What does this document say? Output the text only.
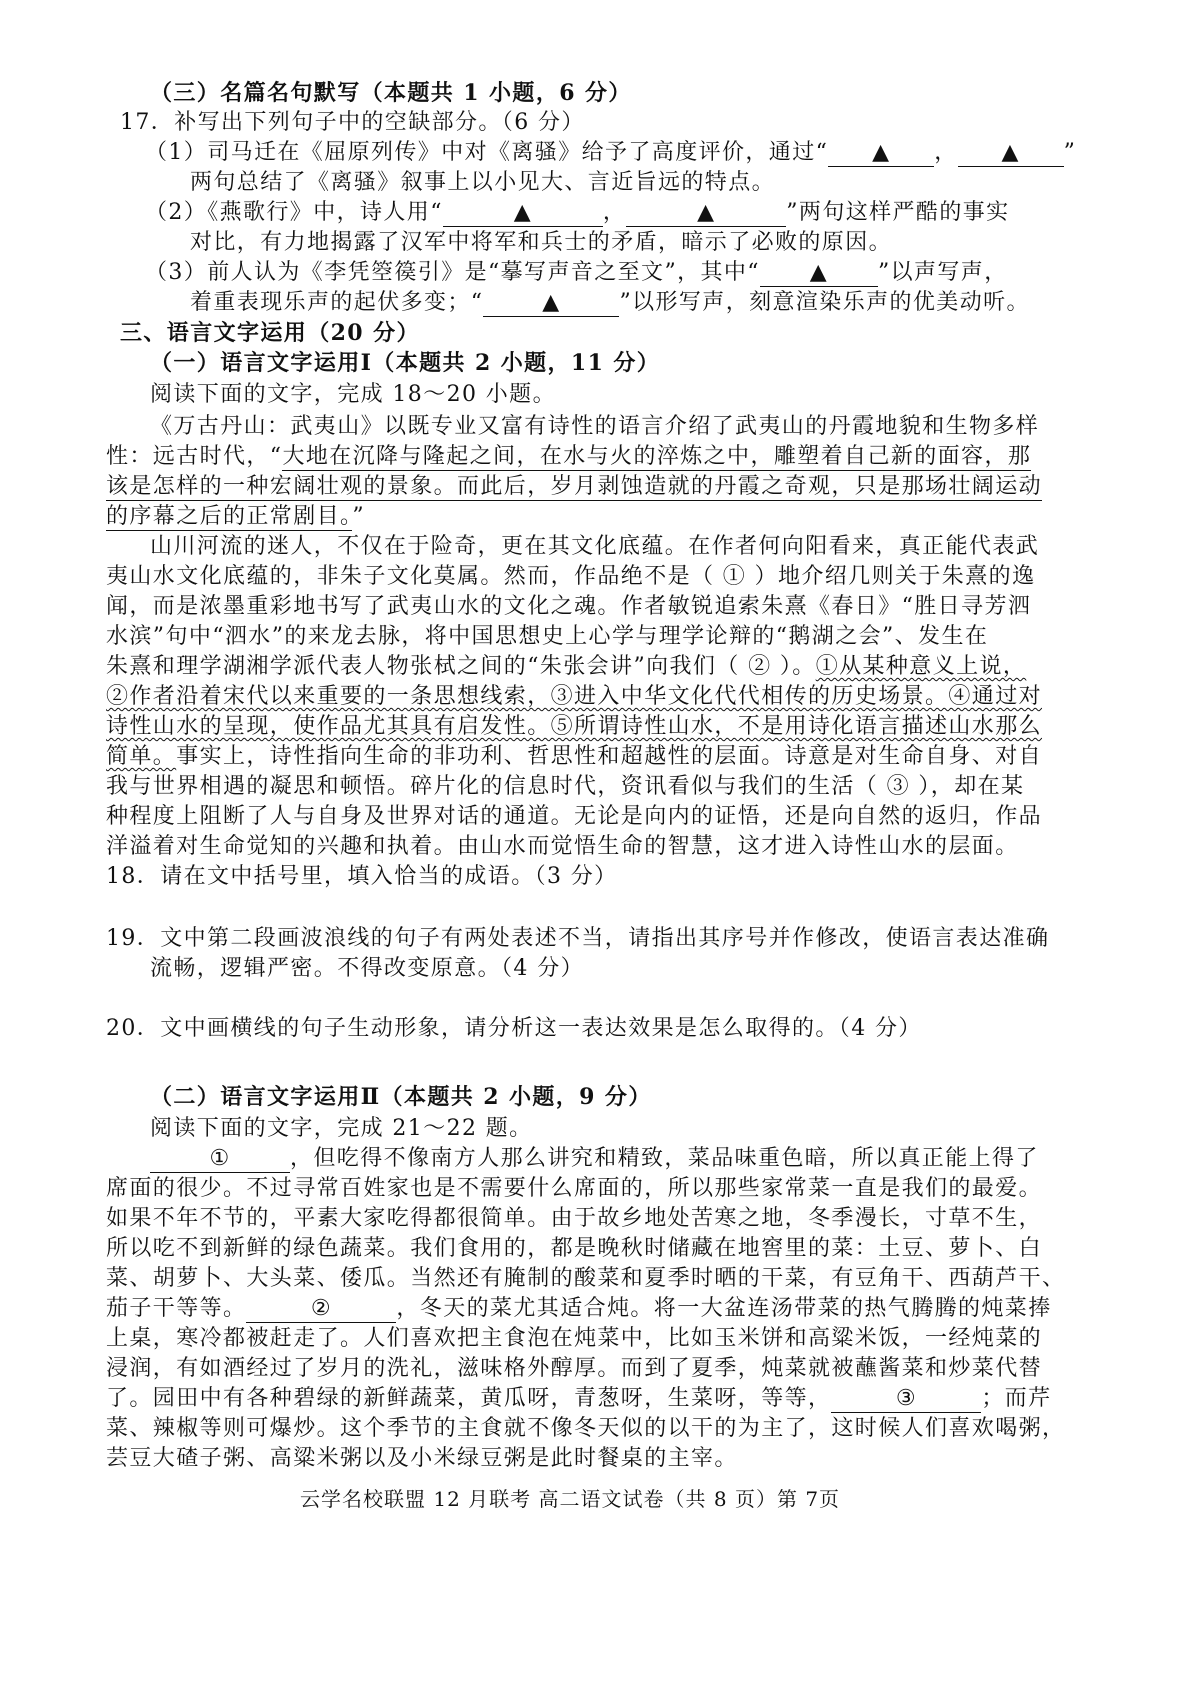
（三）名篇名句默写（本题共 1 小题，6 分）
17．补写出下列句子中的空缺部分。（6 分）
（1）司马迁在《屈原列传》中对《离骚》给予了高度评价，通过“ ▲ ， ▲ ”
两句总结了《离骚》叙事上以小见大、言近旨远的特点。
（2）《燕歌行》中，诗人用“	▲	，	▲	”两句这样严酷的事实
对比，有力地揭露了汉军中将军和兵士的矛盾，暗示了必败的原因。
（3）前人认为《李凭箜篌引》是“摹写声音之至文”，其中“ ▲ ”以声写声，
着重表现乐声的起伏多变；“	▲	”以形写声，刻意渲染乐声的优美动听。
三、语言文字运用（20 分）
（一）语言文字运用Ⅰ（本题共 2 小题，11 分）
阅读下面的文字，完成 18～20 小题。
《万古丹山：武夷山》以既专业又富有诗性的语言介绍了武夷山的丹霞地貌和生物多样
性：远古时代，“大地在沉降与隆起之间，在水与火的淬炼之中，雕塑着自己新的面容，那
该是怎样的一种宏阔壮观的景象。而此后，岁月剥蚀造就的丹霞之奇观，只是那场壮阔运动
的序幕之后的正常剧目。”
山川河流的迷人，不仅在于险奇，更在其文化底蕴。在作者何向阳看来，真正能代表武
夷山水文化底蕴的，非朱子文化莫属。然而，作品绝不是（ ① ）地介绍几则关于朱熹的逸
闻，而是浓墨重彩地书写了武夷山水的文化之魂。作者敏锐追索朱熹《春日》“胜日寻芳泗
水滨”句中“泗水”的来龙去脉，将中国思想史上心学与理学论辩的“鹅湖之会”、发生在
朱熹和理学湖湘学派代表人物张栻之间的“朱张会讲”向我们（ ② ）。①从某种意义上说，
②作者沿着宋代以来重要的一条思想线索，③进入中华文化代代相传的历史场景。④通过对
诗性山水的呈现，使作品尤其具有启发性。⑤所谓诗性山水，不是用诗化语言描述山水那么
简单。事实上，诗性指向生命的非功利、哲思性和超越性的层面。诗意是对生命自身、对自
我与世界相遇的凝思和顿悟。碎片化的信息时代，资讯看似与我们的生活（ ③ ），却在某
种程度上阻断了人与自身及世界对话的通道。无论是向内的证悟，还是向自然的返归，作品
洋溢着对生命觉知的兴趣和执着。由山水而觉悟生命的智慧，这才进入诗性山水的层面。
18．请在文中括号里，填入恰当的成语。（3 分）
19．文中第二段画波浪线的句子有两处表述不当，请指出其序号并作修改，使语言表达准确
流畅，逻辑严密。不得改变原意。（4 分）
20．文中画横线的句子生动形象，请分析这一表达效果是怎么取得的。（4 分）
（二）语言文字运用Ⅱ（本题共 2 小题，9 分）
阅读下面的文字，完成 21～22 题。
①	，但吃得不像南方人那么讲究和精致，菜品味重色暗，所以真正能上得了
席面的很少。不过寻常百姓家也是不需要什么席面的，所以那些家常菜一直是我们的最爱。
如果不年不节的，平素大家吃得都很简单。由于故乡地处苦寒之地，冬季漫长，寸草不生，
所以吃不到新鲜的绿色蔬菜。我们食用的，都是晚秋时储藏在地窖里的菜：土豆、萝卜、白
菜、胡萝卜、大头菜、倭瓜。当然还有腌制的酸菜和夏季时晒的干菜，有豆角干、西葫芦干、
茄子干等等。	②	，冬天的菜尤其适合炖。将一大盆连汤带菜的热气腾腾的炖菜捧
上桌，寒冷都被赶走了。人们喜欢把主食泡在炖菜中，比如玉米饼和高粱米饭，一经炖菜的
浸润，有如酒经过了岁月的洗礼，滋味格外醇厚。而到了夏季，炖菜就被蘸酱菜和炒菜代替
了。园田中有各种碧绿的新鲜蔬菜，黄瓜呀，青葱呀，生菜呀，等等，	③	；而芹
菜、辣椒等则可爆炒。这个季节的主食就不像冬天似的以干的为主了，这时候人们喜欢喝粥，
芸豆大碴子粥、高粱米粥以及小米绿豆粥是此时餐桌的主宰。
云学名校联盟 12 月联考 高二语文试卷（共 8 页）第 7页
